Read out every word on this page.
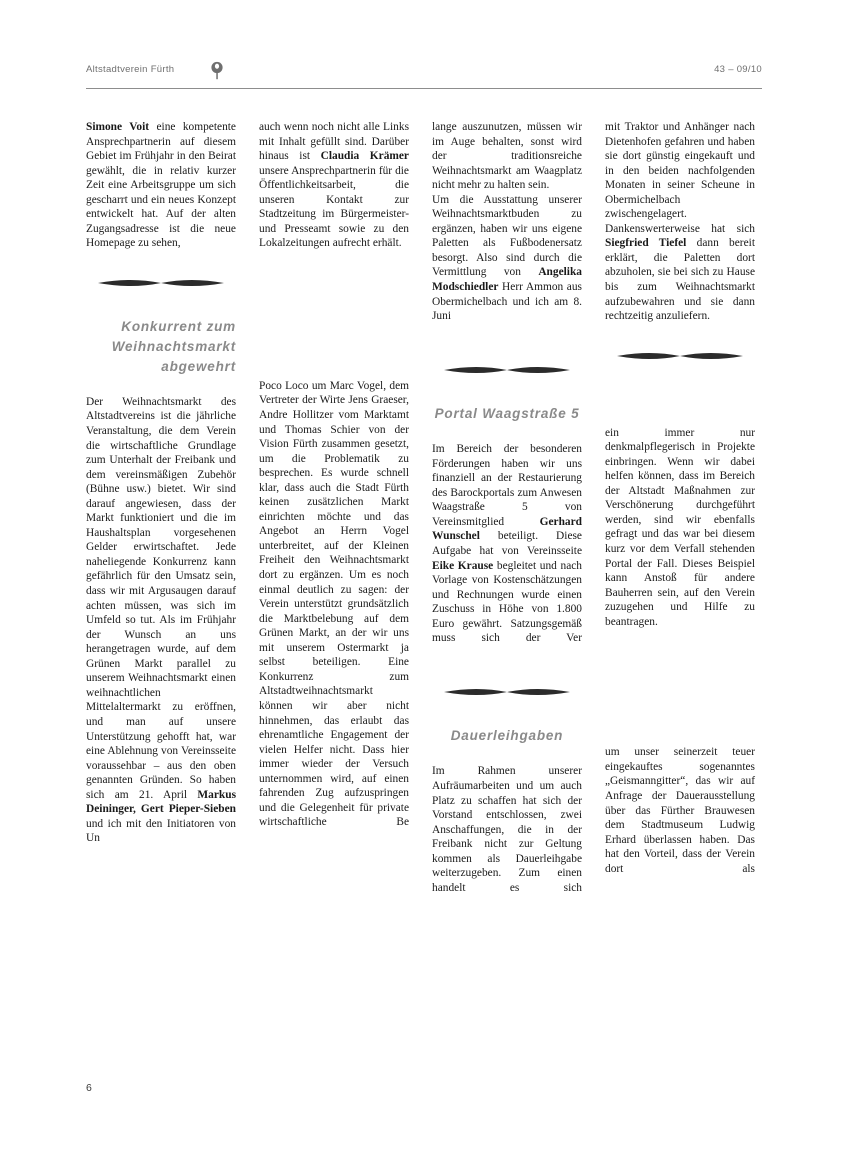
Altstadtverein Fürth	43 – 09/10

Simone Voit eine kompetente Ansprechpartnerin auf diesem Gebiet im Frühjahr in den Beirat gewählt, die in relativ kurzer Zeit eine Arbeitsgruppe um sich gescharrt und ein neues Konzept entwickelt hat. Auf der alten Zugangsadresse ist die neue Homepage zu sehen,

Konkurrent zum Weihnachtsmarkt abgewehrt

Der Weihnachtsmarkt des Altstadtvereins ist die jährliche Veranstaltung, die dem Verein die wirtschaftliche Grundlage zum Unterhalt der Freibank und dem vereinsmäßigen Zubehör (Bühne usw.) bietet. Wir sind darauf angewiesen, dass der Markt funktioniert und die im Haushaltsplan vorgesehenen Gelder erwirtschaftet. Jede naheliegende Konkurrenz kann gefährlich für den Umsatz sein, dass wir mit Argusaugen darauf achten müssen, was sich im Umfeld so tut. Als im Frühjahr der Wunsch an uns herangetragen wurde, auf dem Grünen Markt parallel zu unserem Weihnachtsmarkt einen weihnachtlichen Mittelaltermarkt zu eröffnen, und man auf unsere Unterstützung gehofft hat, war eine Ablehnung von Vereinsseite voraussehbar – aus den oben genannten Gründen. So haben sich am 21. April Markus Deininger, Gert Pieper-Sieben und ich mit den Initiatoren von Un

auch wenn noch nicht alle Links mit Inhalt gefüllt sind. Darüber hinaus ist Claudia Krämer unsere Ansprechpartnerin für die Öffentlichkeitsarbeit, die unseren Kontakt zur Stadtzeitung im Bürgermeister- und Presseamt sowie zu den Lokalzeitungen aufrecht erhält.

Poco Loco um Marc Vogel, dem Vertreter der Wirte Jens Graeser, Andre Hollitzer vom Marktamt und Thomas Schier von der Vision Fürth zusammen gesetzt, um die Problematik zu besprechen. Es wurde schnell klar, dass auch die Stadt Fürth keinen zusätzlichen Markt einrichten möchte und das Angebot an Herrn Vogel unterbreitet, auf der Kleinen Freiheit den Weihnachtsmarkt dort zu ergänzen. Um es noch einmal deutlich zu sagen: der Verein unterstützt grundsätzlich die Marktbelebung auf dem Grünen Markt, an der wir uns mit unserem Ostermarkt ja selbst beteiligen. Eine Konkurrenz zum Altstadtweihnachtsmarkt können wir aber nicht hinnehmen, das erlaubt das ehrenamtliche Engagement der vielen Helfer nicht. Dass hier immer wieder der Versuch unternommen wird, auf einen fahrenden Zug aufzuspringen und die Gelegenheit für private wirtschaftliche Be

lange auszunutzen, müssen wir im Auge behalten, sonst wird der traditionsreiche Weihnachtsmarkt am Waagplatz nicht mehr zu halten sein.

Um die Ausstattung unserer Weihnachtsmarktbuden zu ergänzen, haben wir uns eigene Paletten als Fußbodenersatz besorgt. Also sind durch die Vermittlung von Angelika Modschiedler Herr Ammon aus Obermichelbach und ich am 8. Juni

Portal Waagstraße 5

Im Bereich der besonderen Förderungen haben wir uns finanziell an der Restaurierung des Barockportals zum Anwesen Waagstraße 5 von Vereinsmitglied Gerhard Wunschel beteiligt. Diese Aufgabe hat von Vereinsseite Eike Krause begleitet und nach Vorlage von Kostenschätzungen und Rechnungen wurde einen Zuschuss in Höhe von 1.800 Euro gewährt. Satzungsgemäß muss sich der Ver

Dauerleihgaben

Im Rahmen unserer Aufräumarbeiten und um auch Platz zu schaffen hat sich der Vorstand entschlossen, zwei Anschaffungen, die in der Freibank nicht zur Geltung kommen als Dauerleihgabe weiterzugeben. Zum einen handelt es sich

mit Traktor und Anhänger nach Dietenhofen gefahren und haben sie dort günstig eingekauft und in den beiden nachfolgenden Monaten in seiner Scheune in Obermichelbach zwischengelagert. Dankenswerterweise hat sich Siegfried Tiefel dann bereit erklärt, die Paletten dort abzuholen, sie bei sich zu Hause bis zum Weihnachtsmarkt aufzubewahren und sie dann rechtzeitig anzuliefern.

ein immer nur denkmalpflegerisch in Projekte einbringen. Wenn wir dabei helfen können, dass im Bereich der Altstadt Maßnahmen zur Verschönerung durchgeführt werden, sind wir ebenfalls gefragt und das war bei diesem kurz vor dem Verfall stehenden Portal der Fall. Dieses Beispiel kann Anstoß für andere Bauherren sein, auf den Verein zuzugehen und Hilfe zu beantragen.

um unser seinerzeit teuer eingekauftes sogenanntes „Geismanngitter“, das wir auf Anfrage der Dauerausstellung über das Fürther Brauwesen dem Stadtmuseum Ludwig Erhard überlassen haben. Das hat den Vorteil, dass der Verein dort als

6
